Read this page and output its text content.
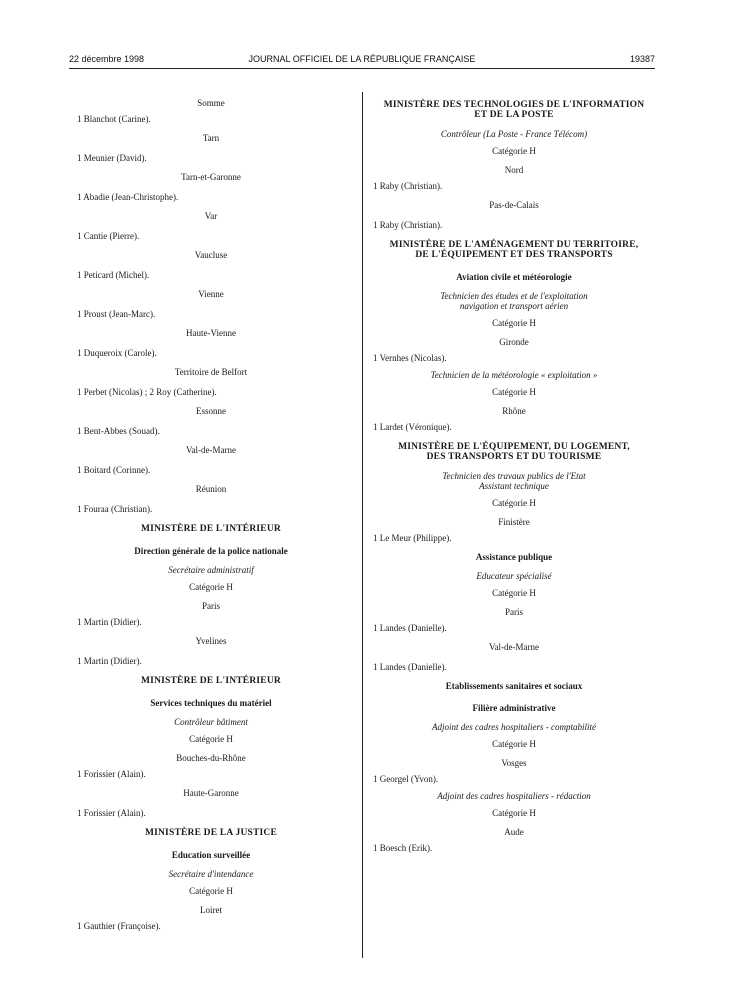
22 décembre 1998	JOURNAL OFFICIEL DE LA RÉPUBLIQUE FRANÇAISE	19387
Somme
1 Blanchot (Carine).
Tarn
1 Meunier (David).
Tarn-et-Garonne
1 Abadie (Jean-Christophe).
Var
1 Cantie (Pierre).
Vaucluse
1 Peticard (Michel).
Vienne
1 Proust (Jean-Marc).
Haute-Vienne
1 Duqueroix (Carole).
Territoire de Belfort
1 Perbet (Nicolas) ; 2 Roy (Catherine).
Essonne
1 Bent-Abbes (Souad).
Val-de-Marne
1 Boitard (Corinne).
Réunion
1 Fouraa (Christian).
MINISTÈRE DE L'INTÉRIEUR
Direction générale de la police nationale
Secrétaire administratif
Catégorie H
Paris
1 Martin (Didier).
Yvelines
1 Martin (Didier).
MINISTÈRE DE L'INTÉRIEUR
Services techniques du matériel
Contrôleur bâtiment
Catégorie H
Bouches-du-Rhône
1 Forissier (Alain).
Haute-Garonne
1 Forissier (Alain).
MINISTÈRE DE LA JUSTICE
Education surveillée
Secrétaire d'intendance
Catégorie H
Loiret
1 Gauthier (Françoise).
MINISTÈRE DES TECHNOLOGIES DE L'INFORMATION
ET DE LA POSTE
Contrôleur (La Poste - France Télécom)
Catégorie H
Nord
1 Raby (Christian).
Pas-de-Calais
1 Raby (Christian).
MINISTÈRE DE L'AMÉNAGEMENT DU TERRITOIRE,
DE L'ÉQUIPEMENT ET DES TRANSPORTS
Aviation civile et météorologie
Technicien des études et de l'exploitation
navigation et transport aérien
Catégorie H
Gironde
1 Vernhes (Nicolas).
Technicien de la météorologie « exploitation »
Catégorie H
Rhône
1 Lardet (Véronique).
MINISTÈRE DE L'ÉQUIPEMENT, DU LOGEMENT,
DES TRANSPORTS ET DU TOURISME
Technicien des travaux publics de l'Etat
Assistant technique
Catégorie H
Finistère
1 Le Meur (Philippe).
Assistance publique
Educateur spécialisé
Catégorie H
Paris
1 Landes (Danielle).
Val-de-Marne
1 Landes (Danielle).
Etablissements sanitaires et sociaux
Filière administrative
Adjoint des cadres hospitaliers - comptabilité
Catégorie H
Vosges
1 Georgel (Yvon).
Adjoint des cadres hospitaliers - rédaction
Catégorie H
Aude
1 Boesch (Erik).
